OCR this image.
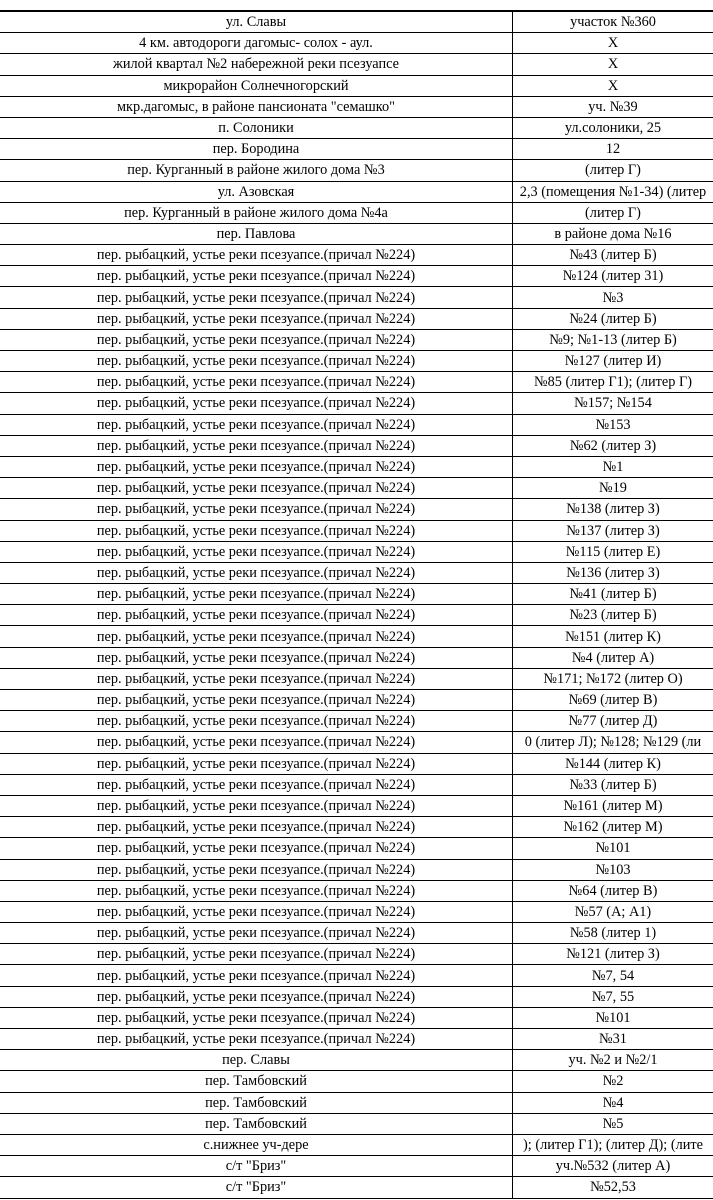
ул. Славы	участок №360
4 км. автодороги дагомыс- солох - аул.	X
жилой квартал №2 набережной реки псезуапсе	X
микрорайон Солнечногорский	X
мкр.дагомыс, в районе пансионата "семашко"	уч. №39
п. Солоники	ул.солоники, 25
пер. Бородина	12
пер. Курганный в районе жилого дома №3	(литер Г)
ул. Азовская	2,3 (помещения №1-34) (литер
пер. Курганный в районе жилого дома №4а	(литер Г)
пер. Павлова	в районе дома №16
пер. рыбацкий, устье реки псезуапсе.(причал №224)	№43 (литер Б)
пер. рыбацкий, устье реки псезуапсе.(причал №224)	№124 (литер 31)
пер. рыбацкий, устье реки псезуапсе.(причал №224)	№3
пер. рыбацкий, устье реки псезуапсе.(причал №224)	№24 (литер Б)
пер. рыбацкий, устье реки псезуапсе.(причал №224)	№9; №1-13 (литер Б)
пер. рыбацкий, устье реки псезуапсе.(причал №224)	№127 (литер И)
пер. рыбацкий, устье реки псезуапсе.(причал №224)	№85 (литер Г1); (литер Г)
пер. рыбацкий, устье реки псезуапсе.(причал №224)	№157; №154
пер. рыбацкий, устье реки псезуапсе.(причал №224)	№153
пер. рыбацкий, устье реки псезуапсе.(причал №224)	№62 (литер З)
пер. рыбацкий, устье реки псезуапсе.(причал №224)	№1
пер. рыбацкий, устье реки псезуапсе.(причал №224)	№19
пер. рыбацкий, устье реки псезуапсе.(причал №224)	№138 (литер З)
пер. рыбацкий, устье реки псезуапсе.(причал №224)	№137 (литер З)
пер. рыбацкий, устье реки псезуапсе.(причал №224)	№115 (литер Е)
пер. рыбацкий, устье реки псезуапсе.(причал №224)	№136 (литер З)
пер. рыбацкий, устье реки псезуапсе.(причал №224)	№41 (литер Б)
пер. рыбацкий, устье реки псезуапсе.(причал №224)	№23 (литер Б)
пер. рыбацкий, устье реки псезуапсе.(причал №224)	№151 (литер К)
пер. рыбацкий, устье реки псезуапсе.(причал №224)	№4 (литер А)
пер. рыбацкий, устье реки псезуапсе.(причал №224)	№171; №172 (литер О)
пер. рыбацкий, устье реки псезуапсе.(причал №224)	№69 (литер В)
пер. рыбацкий, устье реки псезуапсе.(причал №224)	№77 (литер Д)
пер. рыбацкий, устье реки псезуапсе.(причал №224)	0 (литер Л); №128; №129 (ли
пер. рыбацкий, устье реки псезуапсе.(причал №224)	№144 (литер К)
пер. рыбацкий, устье реки псезуапсе.(причал №224)	№33 (литер Б)
пер. рыбацкий, устье реки псезуапсе.(причал №224)	№161 (литер М)
пер. рыбацкий, устье реки псезуапсе.(причал №224)	№162 (литер М)
пер. рыбацкий, устье реки псезуапсе.(причал №224)	№101
пер. рыбацкий, устье реки псезуапсе.(причал №224)	№103
пер. рыбацкий, устье реки псезуапсе.(причал №224)	№64 (литер В)
пер. рыбацкий, устье реки псезуапсе.(причал №224)	№57 (А; А1)
пер. рыбацкий, устье реки псезуапсе.(причал №224)	№58 (литер 1)
пер. рыбацкий, устье реки псезуапсе.(причал №224)	№121 (литер З)
пер. рыбацкий, устье реки псезуапсе.(причал №224)	№7, 54
пер. рыбацкий, устье реки псезуапсе.(причал №224)	№7, 55
пер. рыбацкий, устье реки псезуапсе.(причал №224)	№101
пер. рыбацкий, устье реки псезуапсе.(причал №224)	№31
пер. Славы	уч. №2 и №2/1
пер. Тамбовский	№2
пер. Тамбовский	№4
пер. Тамбовский	№5
с.нижнее уч-дере	); (литер Г1); (литер Д); (лите
с/т "Бриз"	уч.№532 (литер А)
с/т "Бриз"	№52,53
